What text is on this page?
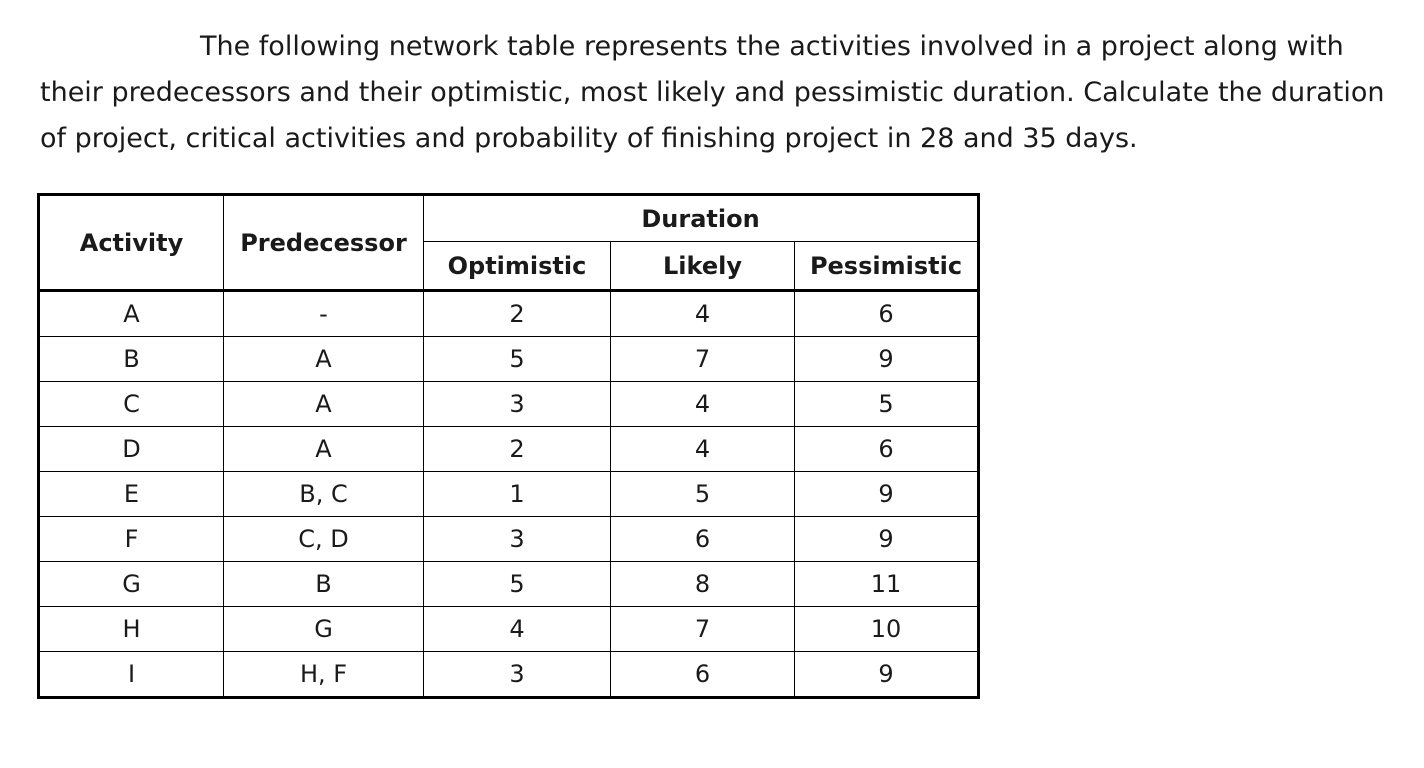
The following network table represents the activities involved in a project along with their predecessors and their optimistic, most likely and pessimistic duration. Calculate the duration of project, critical activities and probability of finishing project in 28 and 35 days.

Activity	Predecessor	Duration		
		Optimistic	Likely	Pessimistic
A	-	2	4	6
B	A	5	7	9
C	A	3	4	5
D	A	2	4	6
E	B, C	1	5	9
F	C, D	3	6	9
G	B	5	8	11
H	G	4	7	10
I	H, F	3	6	9
